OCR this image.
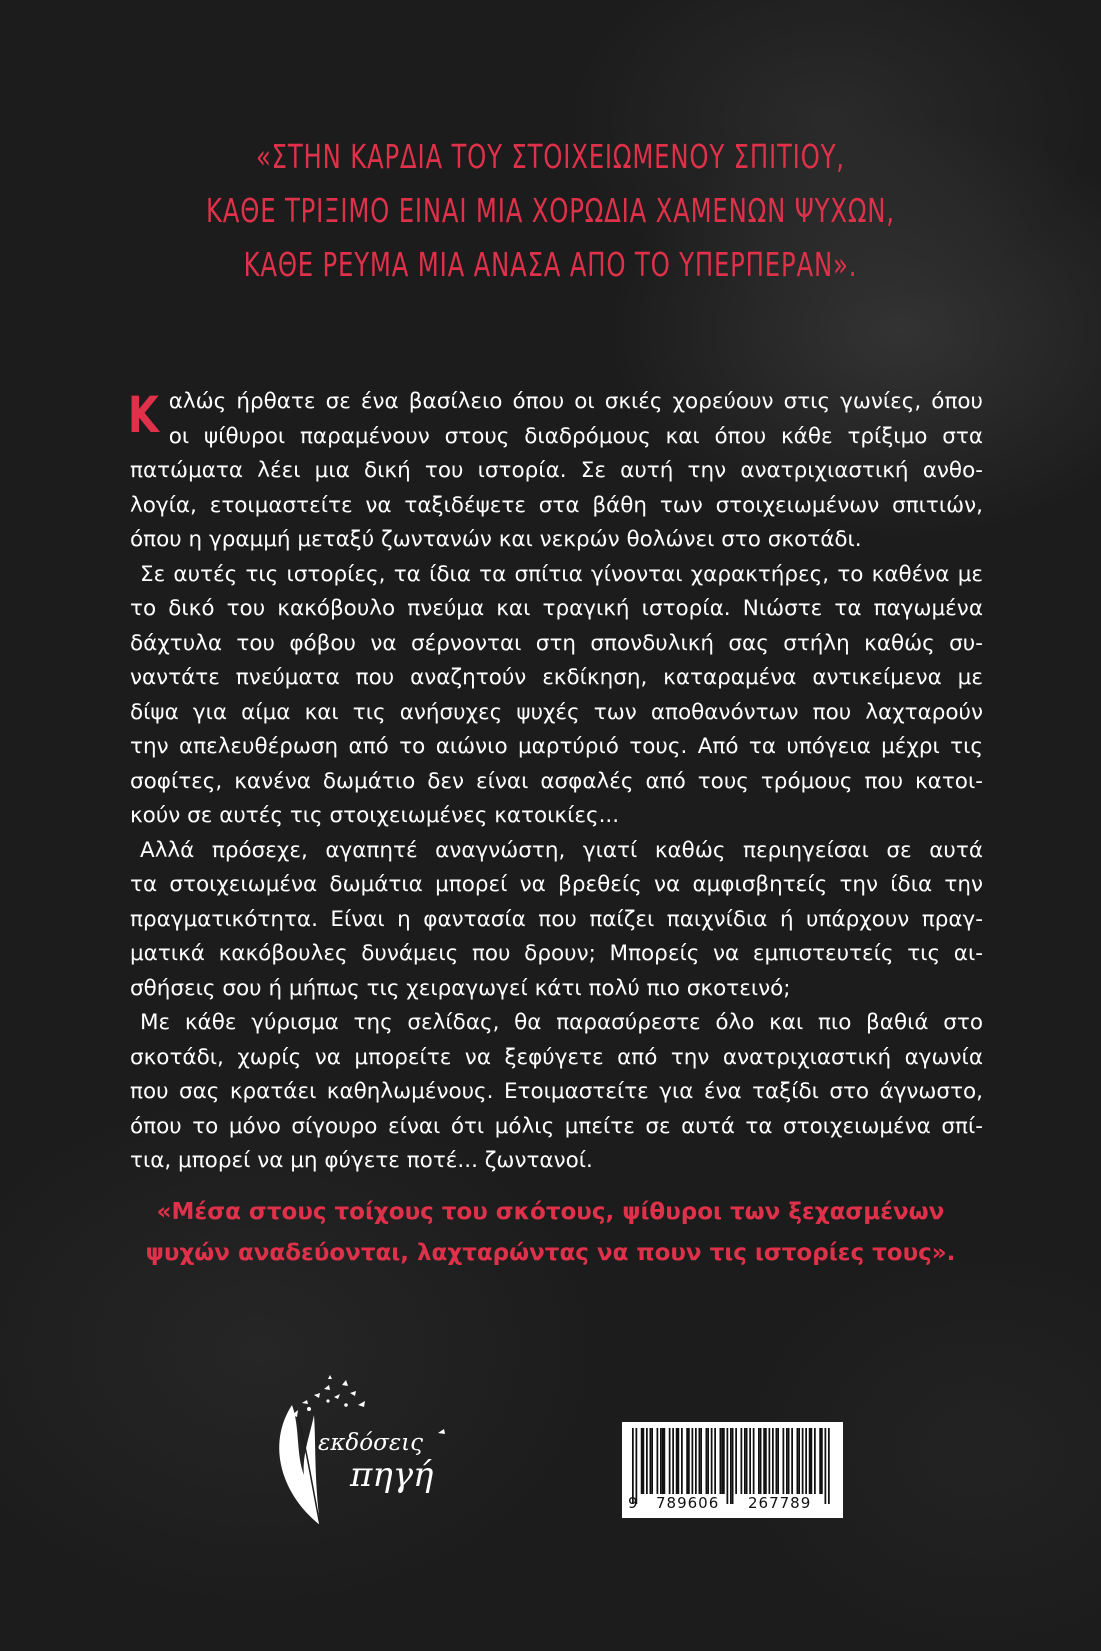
«ΣΤΗΝ ΚΑΡΔΙΑ ΤΟΥ ΣΤΟΙΧΕΙΩΜΕΝΟΥ ΣΠΙΤΙΟΥ,
ΚΑΘΕ ΤΡΙΞΙΜΟ ΕΙΝΑΙ ΜΙΑ ΧΟΡΩΔΙΑ ΧΑΜΕΝΩΝ ΨΥΧΩΝ,
ΚΑΘΕ ΡΕΥΜΑ ΜΙΑ ΑΝΑΣΑ ΑΠΟ ΤΟ ΥΠΕΡΠΕΡΑΝ».
Κ αλώς ήρθατε σε ένα βασίλειο όπου οι σκιές χορεύουν στις γωνίες, όπου
οι ψίθυροι παραμένουν στους διαδρόμους και όπου κάθε τρίξιμο στα
πατώματα λέει μια δική του ιστορία. Σε αυτή την ανατριχιαστική ανθο-
λογία, ετοιμαστείτε να ταξιδέψετε στα βάθη των στοιχειωμένων σπιτιών,
όπου η γραμμή μεταξύ ζωντανών και νεκρών θολώνει στο σκοτάδι.
Σε αυτές τις ιστορίες, τα ίδια τα σπίτια γίνονται χαρακτήρες, το καθένα με
το δικό του κακόβουλο πνεύμα και τραγική ιστορία. Νιώστε τα παγωμένα
δάχτυλα του φόβου να σέρνονται στη σπονδυλική σας στήλη καθώς συ-
ναντάτε πνεύματα που αναζητούν εκδίκηση, καταραμένα αντικείμενα με
δίψα για αίμα και τις ανήσυχες ψυχές των αποθανόντων που λαχταρούν
την απελευθέρωση από το αιώνιο μαρτύριό τους. Από τα υπόγεια μέχρι τις
σοφίτες, κανένα δωμάτιο δεν είναι ασφαλές από τους τρόμους που κατοι-
κούν σε αυτές τις στοιχειωμένες κατοικίες...
Αλλά πρόσεχε, αγαπητέ αναγνώστη, γιατί καθώς περιηγείσαι σε αυτά
τα στοιχειωμένα δωμάτια μπορεί να βρεθείς να αμφισβητείς την ίδια την
πραγματικότητα. Είναι η φαντασία που παίζει παιχνίδια ή υπάρχουν πραγ-
ματικά κακόβουλες δυνάμεις που δρουν; Μπορείς να εμπιστευτείς τις αι-
σθήσεις σου ή μήπως τις χειραγωγεί κάτι πολύ πιο σκοτεινό;
Με κάθε γύρισμα της σελίδας, θα παρασύρεστε όλο και πιο βαθιά στο
σκοτάδι, χωρίς να μπορείτε να ξεφύγετε από την ανατριχιαστική αγωνία
που σας κρατάει καθηλωμένους. Ετοιμαστείτε για ένα ταξίδι στο άγνωστο,
όπου το μόνο σίγουρο είναι ότι μόλις μπείτε σε αυτά τα στοιχειωμένα σπί-
τια, μπορεί να μη φύγετε ποτέ... ζωντανοί.
«Μέσα στους τοίχους του σκότους, ψίθυροι των ξεχασμένων
ψυχών αναδεύονται, λαχταρώντας να πουν τις ιστορίες τους».
εκδόσεις
πηγή
9 789606 267789
